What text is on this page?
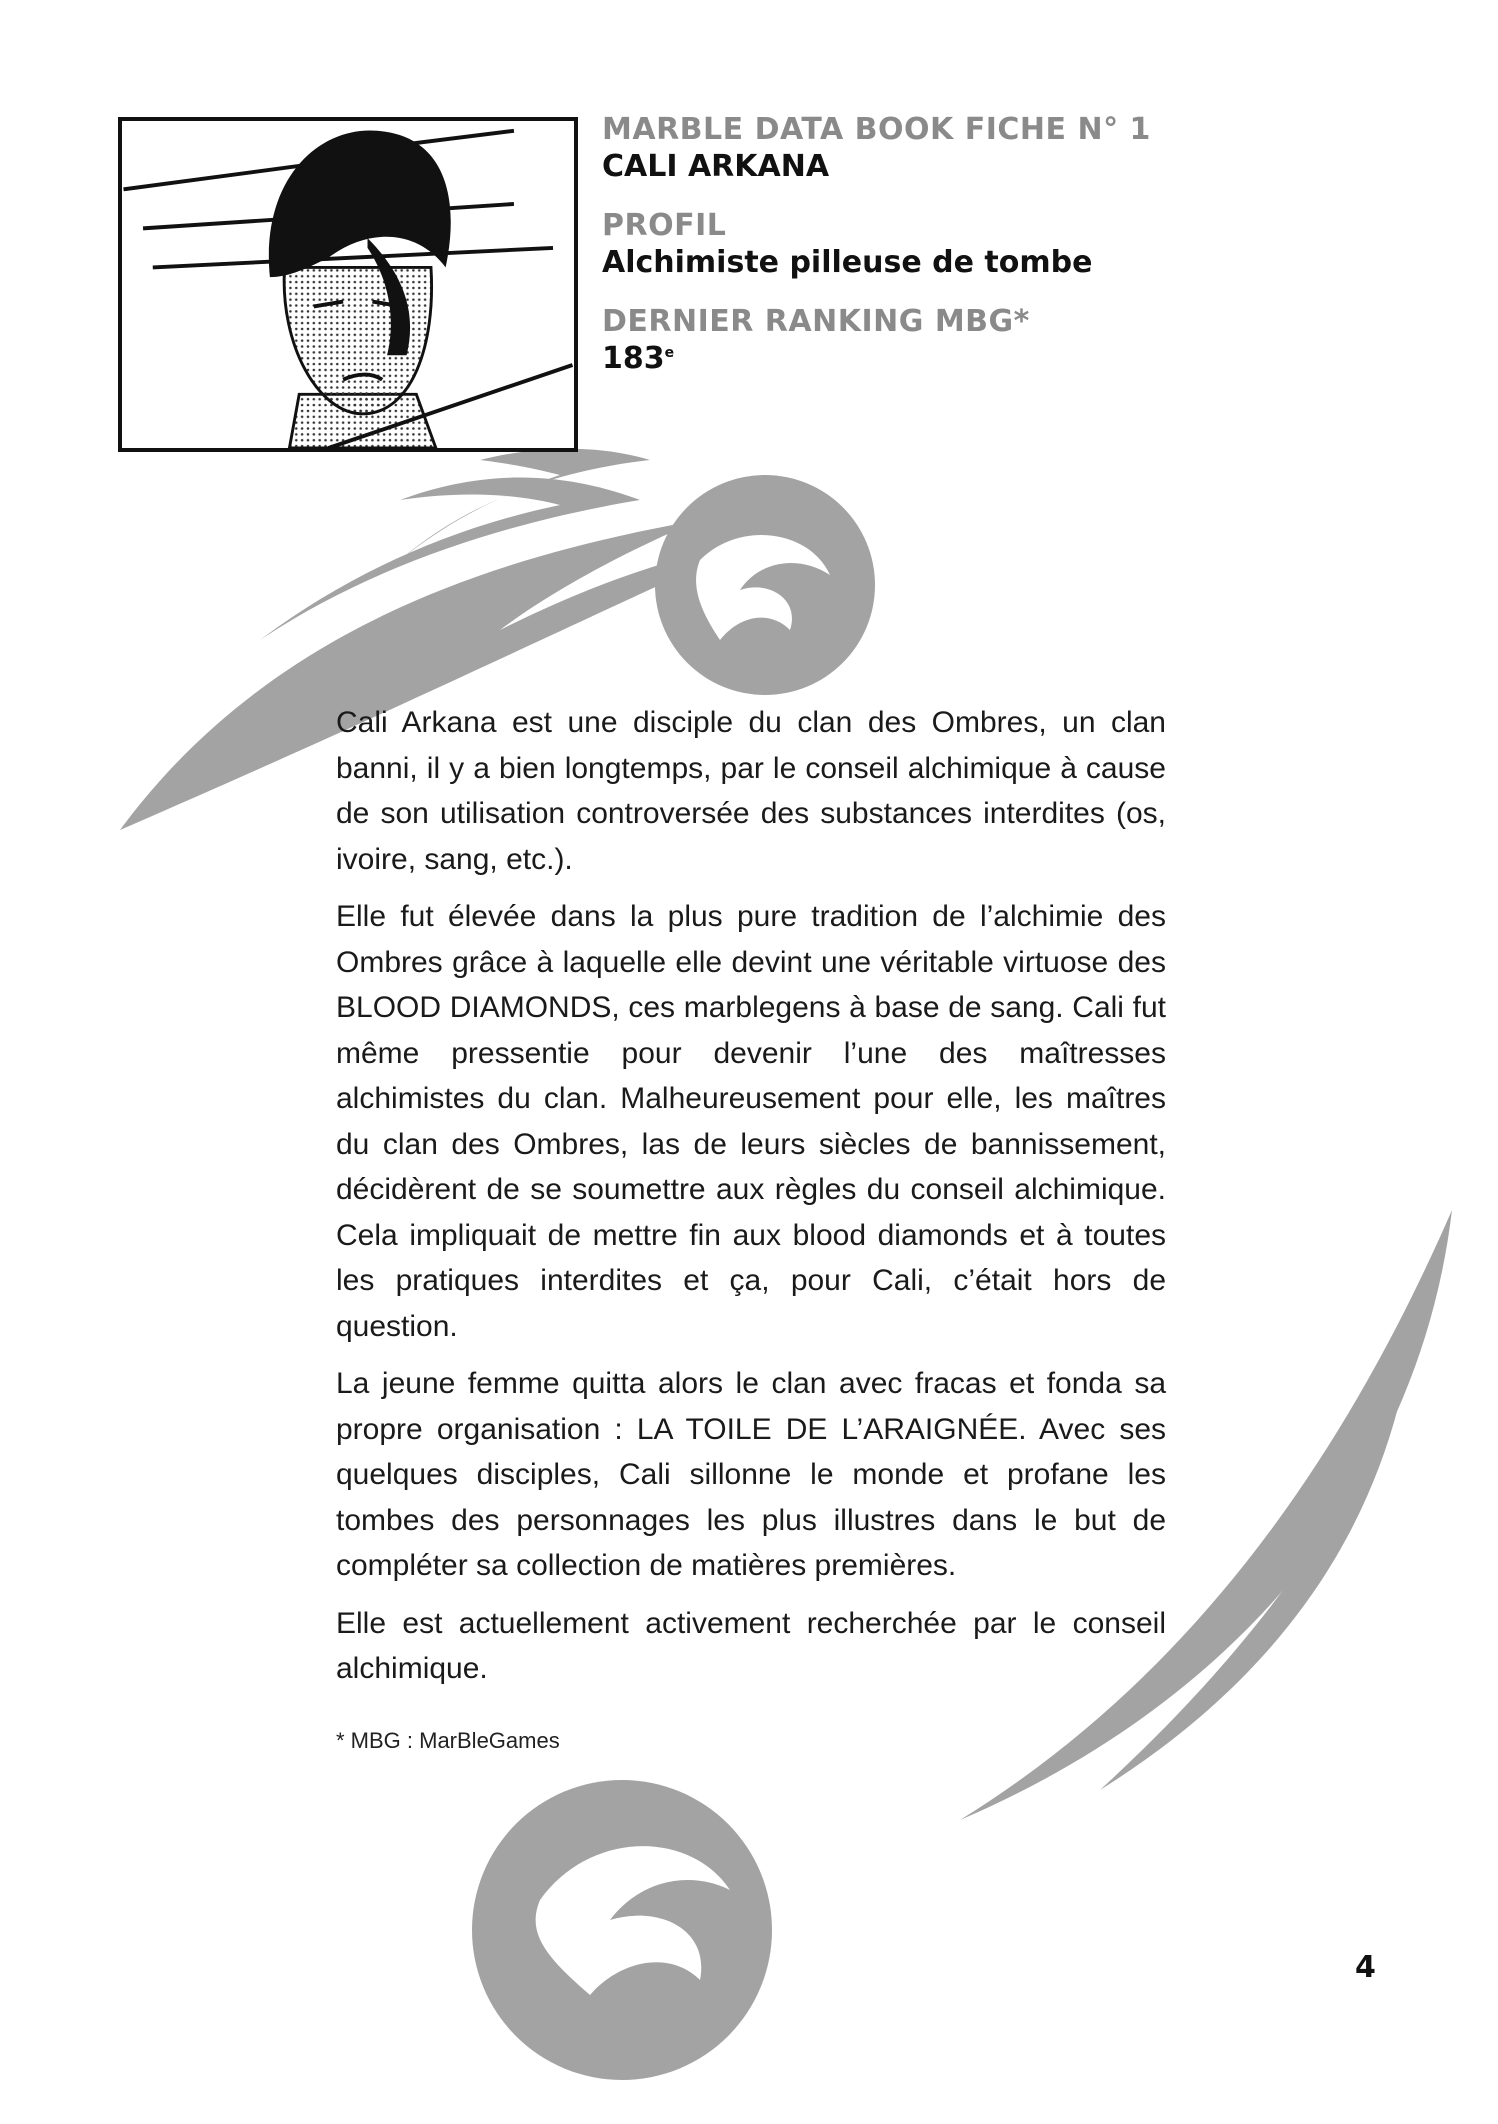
MARBLE DATA BOOK FICHE N° 1

CALI ARKANA

PROFIL

Alchimiste pilleuse de tombe

DERNIER RANKING MBG*

183e

Cali Arkana est une disciple du clan des Ombres, un clan banni, il y a bien longtemps, par le conseil alchimique à cause de son utilisation controversée des substances interdites (os, ivoire, sang, etc.).

Elle fut élevée dans la plus pure tradition de l’alchimie des Ombres grâce à laquelle elle devint une véritable virtuose des BLOOD DIAMONDS, ces marblegens à base de sang. Cali fut même pressentie pour devenir l’une des maîtresses alchimistes du clan. Malheureusement pour elle, les maîtres du clan des Ombres, las de leurs siècles de bannissement, décidèrent de se soumettre aux règles du conseil alchimique. Cela impliquait de mettre fin aux blood diamonds et à toutes les pratiques interdites et ça, pour Cali, c’était hors de question.

La jeune femme quitta alors le clan avec fracas et fonda sa propre organisation : LA TOILE DE L’ARAIGNÉE. Avec ses quelques disciples, Cali sillonne le monde et profane les tombes des personnages les plus illustres dans le but de compléter sa collection de matières premières.

Elle est actuellement activement recherchée par le conseil alchimique.

* MBG : MarBleGames
4
